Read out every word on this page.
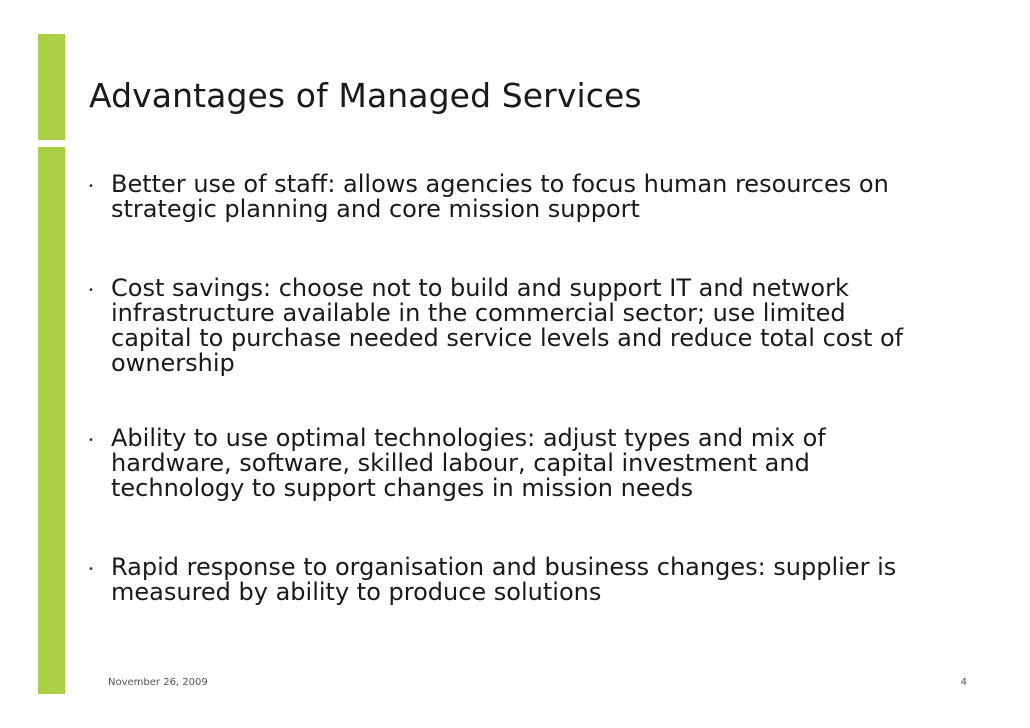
Advantages of Managed Services
• Better use of staff: allows agencies to focus human resources on
strategic planning and core mission support
• Cost savings: choose not to build and support IT and network
infrastructure available in the commercial sector; use limited
capital to purchase needed service levels and reduce total cost of
ownership
• Ability to use optimal technologies: adjust types and mix of
hardware, software, skilled labour, capital investment and
technology to support changes in mission needs
• Rapid response to organisation and business changes: supplier is
measured by ability to produce solutions
November 26, 2009	4
